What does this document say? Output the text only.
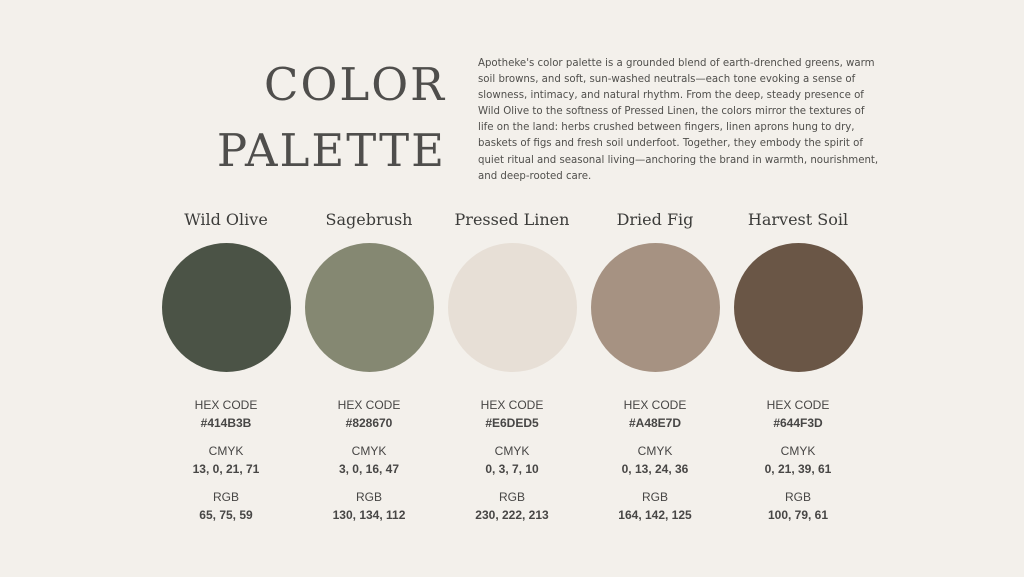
COLOR
PALETTE

Apotheke's color palette is a grounded blend of earth-drenched greens, warm soil browns, and soft, sun-washed neutrals—each tone evoking a sense of slowness, intimacy, and natural rhythm. From the deep, steady presence of Wild Olive to the softness of Pressed Linen, the colors mirror the textures of life on the land: herbs crushed between fingers, linen aprons hung to dry, baskets of figs and fresh soil underfoot. Together, they embody the spirit of quiet ritual and seasonal living—anchoring the brand in warmth, nourishment, and deep-rooted care.

Wild Olive
HEX CODE
#414B3B
CMYK
13, 0, 21, 71
RGB
65, 75, 59
Sagebrush
HEX CODE
#828670
CMYK
3, 0, 16, 47
RGB
130, 134, 112
Pressed Linen
HEX CODE
#E6DED5
CMYK
0, 3, 7, 10
RGB
230, 222, 213
Dried Fig
HEX CODE
#A48E7D
CMYK
0, 13, 24, 36
RGB
164, 142, 125
Harvest Soil
HEX CODE
#644F3D
CMYK
0, 21, 39, 61
RGB
100, 79, 61
